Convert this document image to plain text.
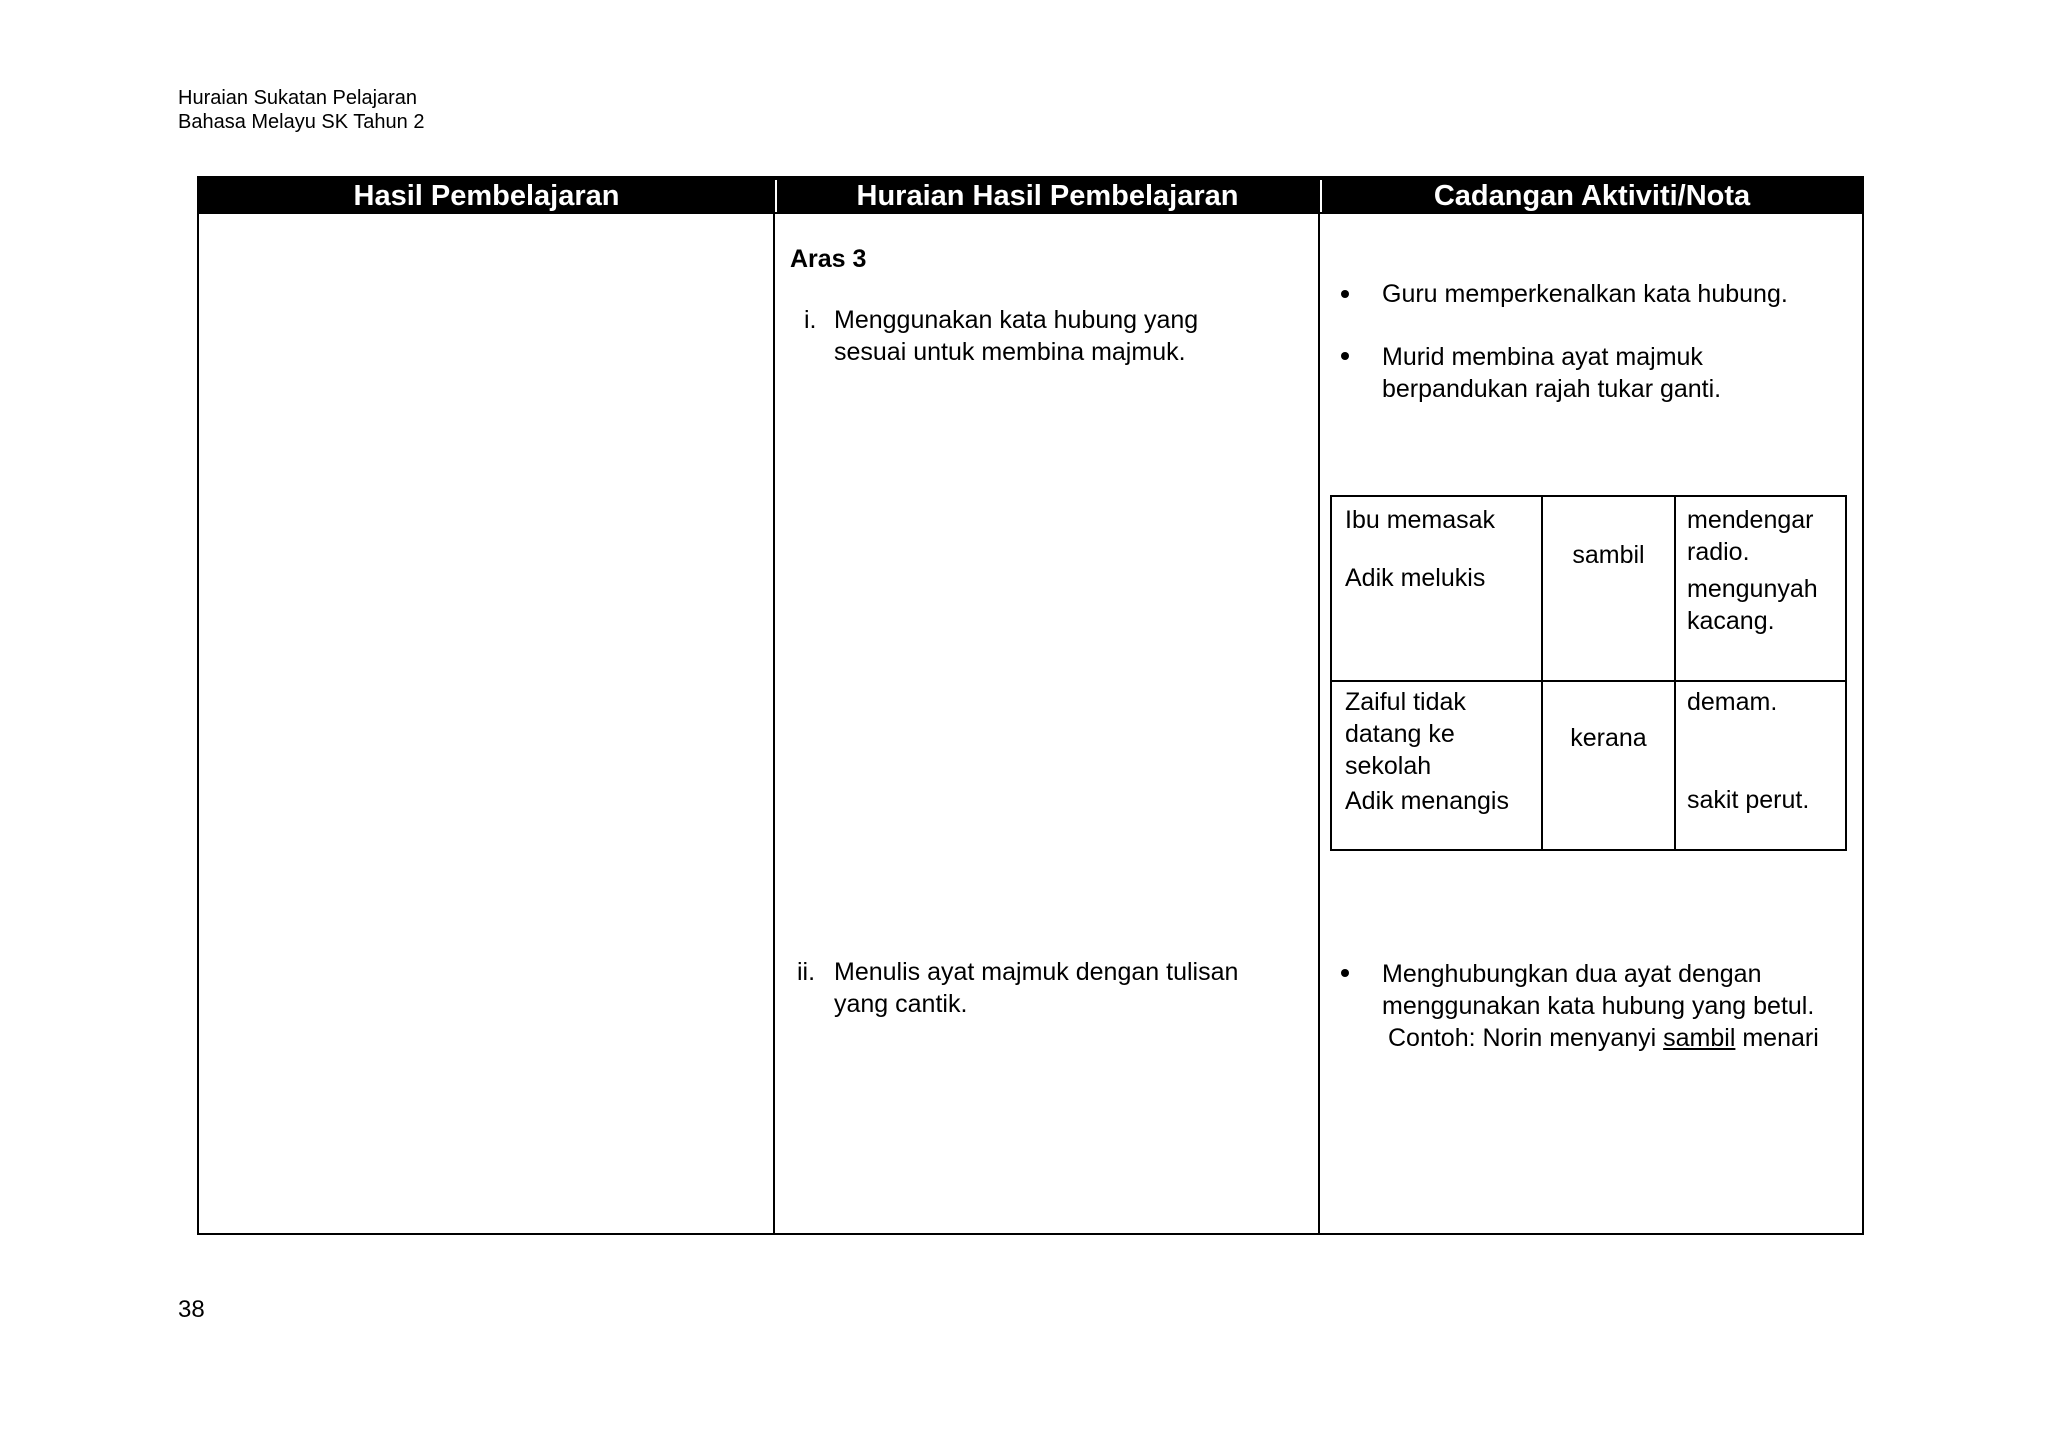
Huraian Sukatan Pelajaran
Bahasa Melayu SK Tahun 2
Hasil Pembelajaran	Huraian Hasil Pembelajaran	Cadangan Aktiviti/Nota
Aras 3
i. Menggunakan kata hubung yang
sesuai untuk membina majmuk.
ii. Menulis ayat majmuk dengan tulisan
yang cantik.
Guru memperkenalkan kata hubung.
Murid membina ayat majmuk
berpandukan rajah tukar ganti.
Ibu memasak
Adik melukis
sambil
mendengar radio.
mengunyah kacang.
Zaiful tidak datang ke sekolah
Adik menangis
kerana
demam.
sakit perut.
Menghubungkan dua ayat dengan
menggunakan kata hubung yang betul.
Contoh: Norin menyanyi sambil menari
38
